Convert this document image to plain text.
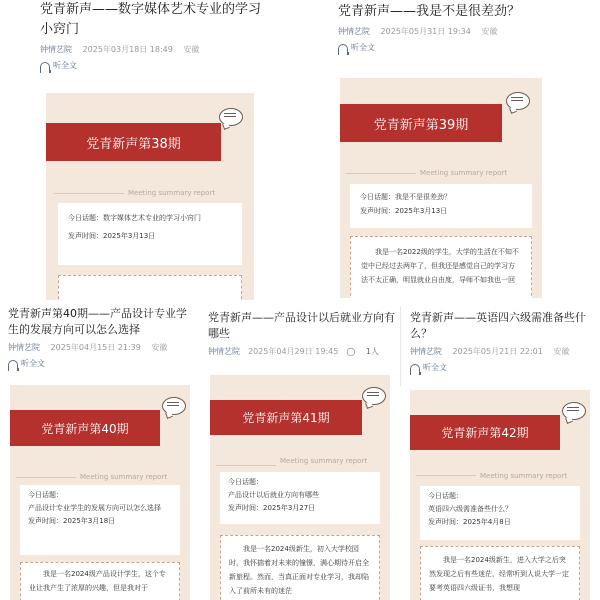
党青新声——数字媒体艺术专业的学习小窍门
钟情艺院 2025年03月18日 18:49 安徽
听全文
党青新声第38期
Meeting summary report
今日话题：数字媒体艺术专业的学习小窍门
发声时间：2025年3月13日
党青新声——我是不是很差劲？
钟情艺院 2025年05月31日 19:34 安徽
听全文
党青新声第39期
Meeting summary report
今日话题：我是不是很差劲？
发声时间：2025年3月13日
我是一名2022级的学生，大学的生活在不知不觉中已经过去两年了，但我还是感觉自己的学习方法不太正确，明显就业自由度，导师不如我也一回
党青新声第40期——产品设计专业学生的发展方向可以怎么选择
钟情艺院 2025年04月15日 21:39 安徽
听全文
党青新声第40期
Meeting summary report
今日话题：
产品设计专业学生的发展方向可以怎么选择
发声时间：2025年3月18日
我是一名2024级产品设计学生，这个专业让我产生了浓厚的兴趣，但是我对于
党青新声——产品设计以后就业方向有哪些
钟情艺院 2025年04月29日 19:45 ◯ 1人
党青新声第41期
Meeting summary report
今日话题：
产品设计以后就业方向有哪些
发声时间：2025年3月27日
我是一名2024级新生，初入大学校园时，我怀揣着对未来的憧憬，满心期待开启全新旅程。然而，当真正面对专业学习，我却陷入了前所未有的迷茫
党青新声——英语四六级需准备些什么？
钟情艺院 2025年05月21日 22:01 安徽
听全文
党青新声第42期
Meeting summary report
今日话题：
英语四六级需准备些什么？
发声时间：2025年4月8日
我是一名2024级新生，进入大学之后突然发现之后有些迷茫，经常听到人说大学一定要考英语四六级证书，我想现
